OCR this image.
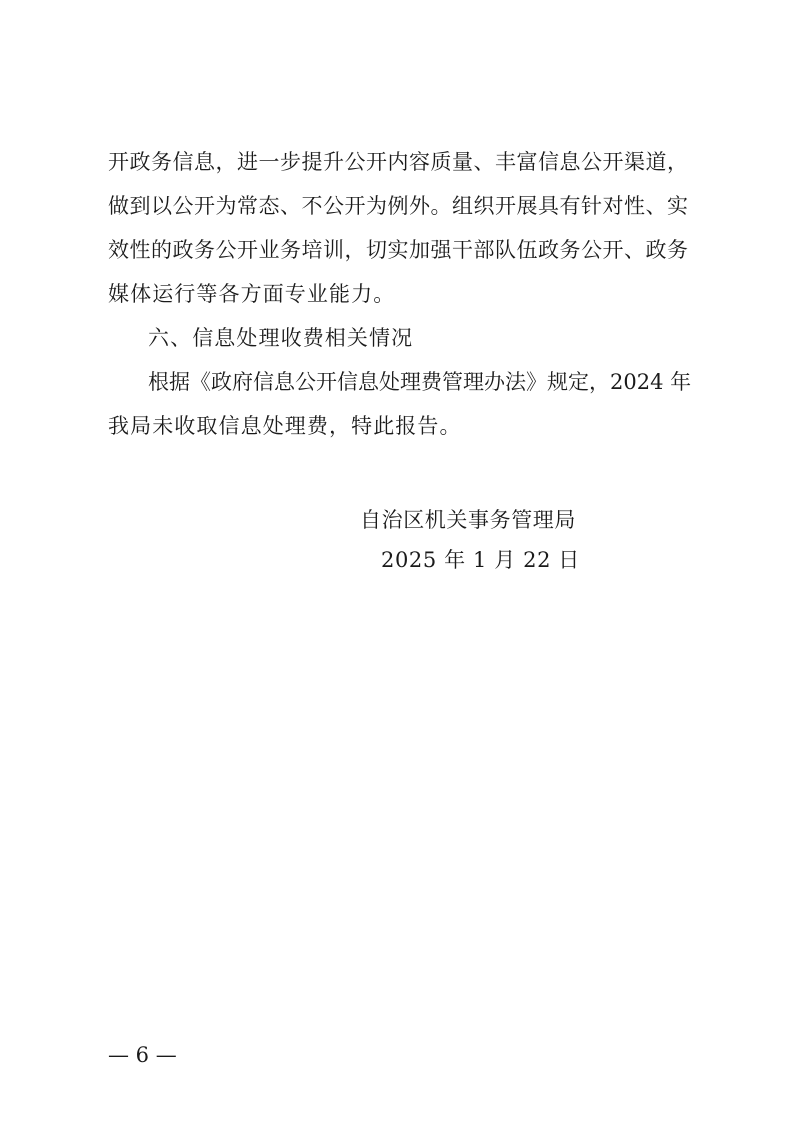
开政务信息，进一步提升公开内容质量、丰富信息公开渠道，
做到以公开为常态、不公开为例外。组织开展具有针对性、实
效性的政务公开业务培训，切实加强干部队伍政务公开、政务
媒体运行等各方面专业能力。
六、信息处理收费相关情况
根据《政府信息公开信息处理费管理办法》规定，2024 年
我局未收取信息处理费，特此报告。
自治区机关事务管理局
2025 年 1 月 22 日
— 6 —
